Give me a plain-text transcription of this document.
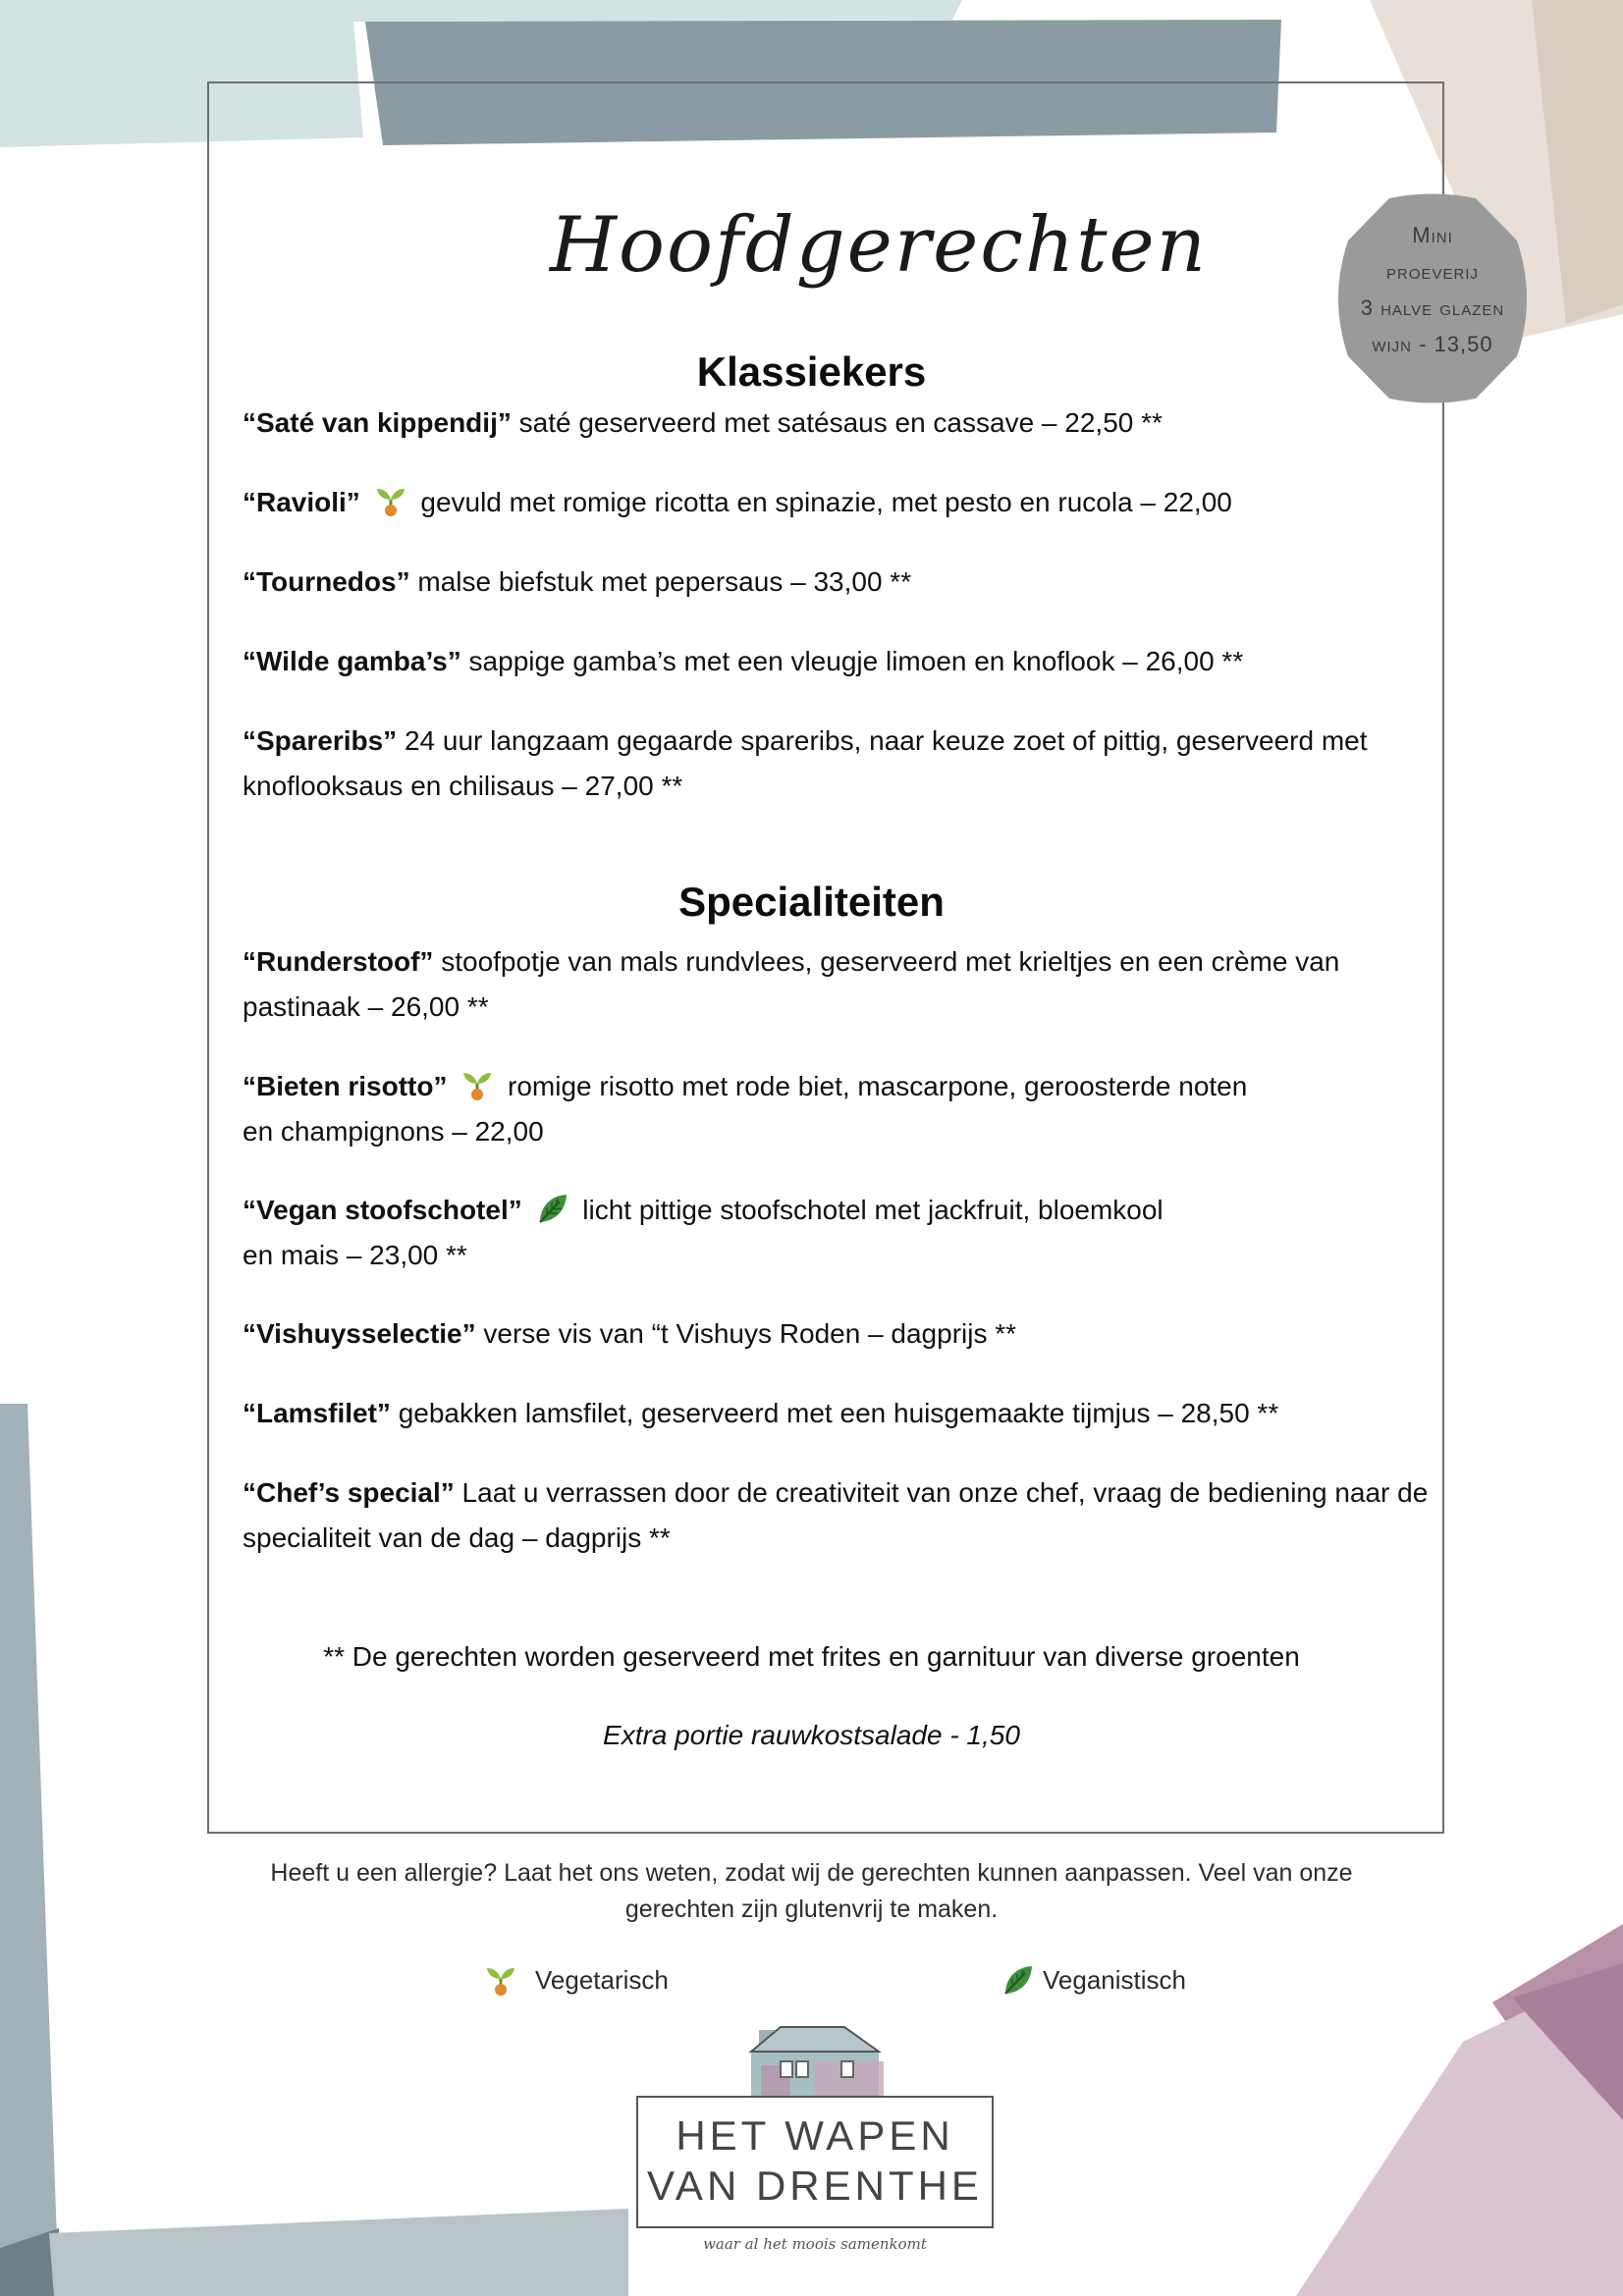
Hoofdgerechten	Mini
proeverij
3 halve glazen
wijn - 13,50
Klassiekers
“Saté van kippendij” saté geserveerd met satésaus en cassave – 22,50 **
“Ravioli”  gevuld met romige ricotta en spinazie, met pesto en rucola – 22,00
“Tournedos” malse biefstuk met pepersaus – 33,00 **
“Wilde gamba’s” sappige gamba’s met een vleugje limoen en knoflook – 26,00 **
“Spareribs” 24 uur langzaam gegaarde spareribs, naar keuze zoet of pittig, geserveerd met knoflooksaus en chilisaus – 27,00 **
Specialiteiten
“Runderstoof” stoofpotje van mals rundvlees, geserveerd met krieltjes en een crème van pastinaak – 26,00 **
“Bieten risotto”  romige risotto met rode biet, mascarpone, geroosterde noten
en champignons – 22,00
“Vegan stoofschotel”  licht pittige stoofschotel met jackfruit, bloemkool
en mais – 23,00 **
“Vishuysselectie” verse vis van “t Vishuys Roden – dagprijs **
“Lamsfilet” gebakken lamsfilet, geserveerd met een huisgemaakte tijmjus – 28,50 **
“Chef’s special” Laat u verrassen door de creativiteit van onze chef, vraag de bediening naar de specialiteit van de dag – dagprijs **
** De gerechten worden geserveerd met frites en garnituur van diverse groenten
Extra portie rauwkostsalade - 1,50
Heeft u een allergie? Laat het ons weten, zodat wij de gerechten kunnen aanpassen. Veel van onze gerechten zijn glutenvrij te maken.
Vegetarisch	Veganistisch
HET WAPEN
VAN DRENTHE
waar al het moois samenkomt
